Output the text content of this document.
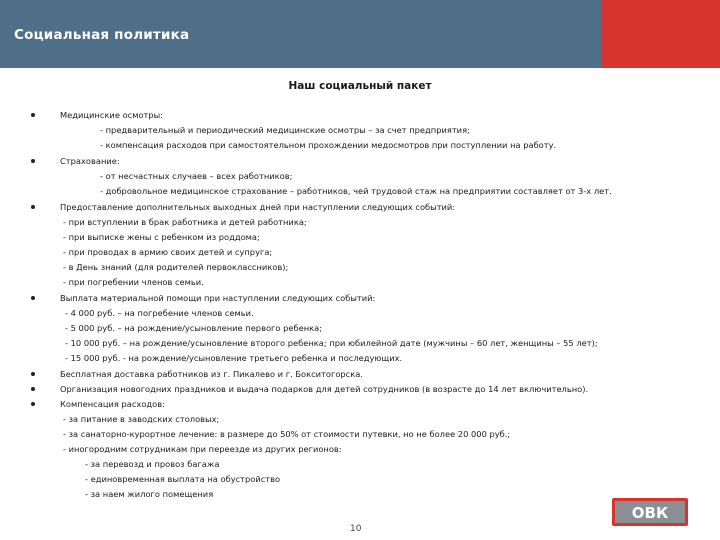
Социальная политика
Наш социальный пакет
Медицинские осмотры:
- предварительный и периодический медицинские осмотры – за счет предприятия;
- компенсация расходов при самостоятельном прохождении медосмотров при поступлении на работу.
Страхование:
- от несчастных случаев – всех работников;
- добровольное медицинское страхование – работников, чей трудовой стаж на предприятии составляет от 3-х лет.
Предоставление дополнительных выходных дней при наступлении следующих событий:
- при вступлении в брак работника и детей работника;
- при выписке жены с ребенком из роддома;
- при проводах в армию своих детей и супруга;
- в День знаний (для родителей первоклассников);
- при погребении членов семьи.
Выплата материальной помощи при наступлении следующих событий:
- 4 000 руб. – на погребение членов семьи.
- 5 000 руб. – на рождение/усыновление первого ребенка;
- 10 000 руб. – на рождение/усыновление второго ребенка; при юбилейной дате (мужчины – 60 лет, женщины – 55 лет);
- 15 000 руб. - на рождение/усыновление третьего ребенка и последующих.
Бесплатная доставка работников из г. Пикалево и г. Бокситогорска.
Организация новогодних праздников и выдача подарков для детей сотрудников (в возрасте до 14 лет включительно).
Компенсация расходов:
- за питание в заводских столовых;
- за санаторно-курортное лечение: в размере до 50% от стоимости путевки, но не более 20 000 руб.;
- иногородним сотрудникам при переезде из других регионов:
- за перевозд и провоз багажа
- единовременная выплата на обустройство
- за наем жилого помещения
10
ОВК
